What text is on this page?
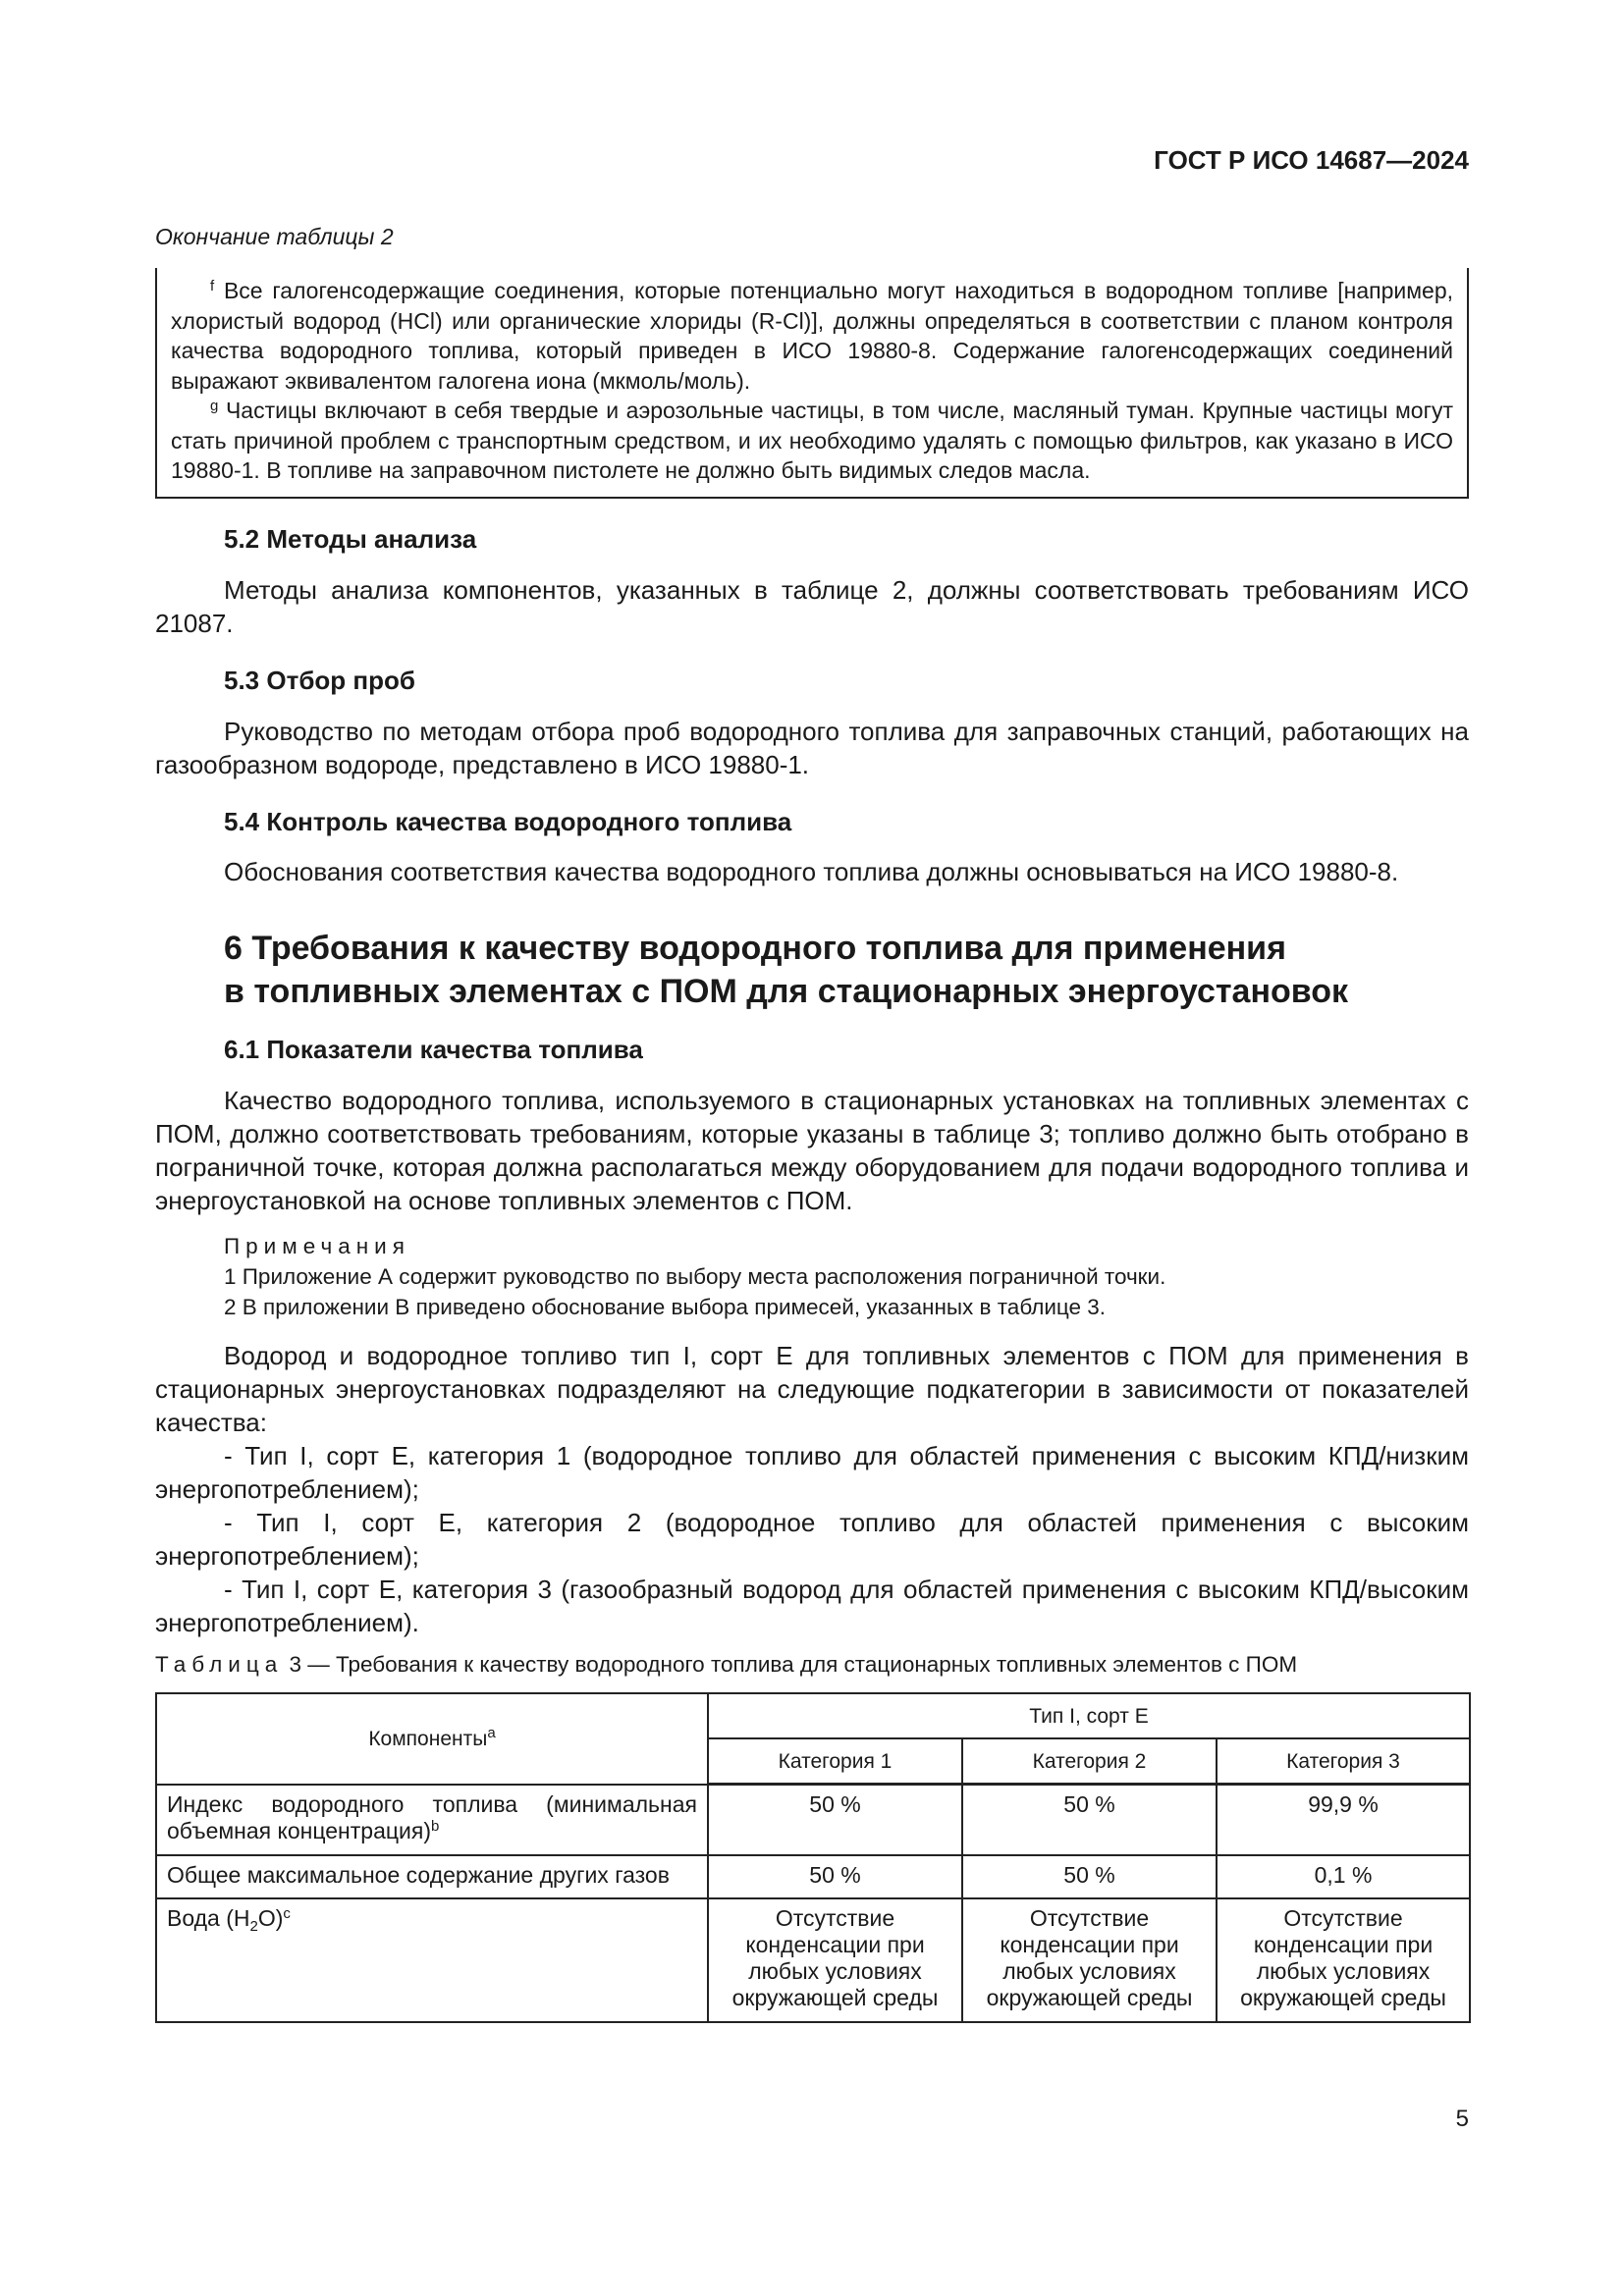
ГОСТ Р ИСО 14687—2024
Окончание таблицы 2

$^f$ Все галогенсодержащие соединения, которые потенциально могут находиться в водородном топливе [например, хлористый водород (HCl) или органические хлориды (R-Cl)], должны определяться в соответствии с планом контроля качества водородного топлива, который приведен в ИСО 19880-8. Содержание галогенсодержащих соединений выражают эквивалентом галогена иона (мкмоль/моль).

$^g$ Частицы включают в себя твердые и аэрозольные частицы, в том числе, масляный туман. Крупные частицы могут стать причиной проблем с транспортным средством, и их необходимо удалять с помощью фильтров, как указано в ИСО 19880-1. В топливе на заправочном пистолете не должно быть видимых следов масла.

5.2 Методы анализа

Методы анализа компонентов, указанных в таблице 2, должны соответствовать требованиям ИСО 21087.

5.3 Отбор проб

Руководство по методам отбора проб водородного топлива для заправочных станций, работающих на газообразном водороде, представлено в ИСО 19880-1.

5.4 Контроль качества водородного топлива

Обоснования соответствия качества водородного топлива должны основываться на ИСО 19880-8.

6 Требования к качеству водородного топлива для применения
в топливных элементах с ПОМ для стационарных энергоустановок
6.1 Показатели качества топлива

Качество водородного топлива, используемого в стационарных установках на топливных элементах с ПОМ, должно соответствовать требованиям, которые указаны в таблице 3; топливо должно быть отобрано в пограничной точке, которая должна располагаться между оборудованием для подачи водородного топлива и энергоустановкой на основе топливных элементов с ПОМ.

Примечания
1 Приложение А содержит руководство по выбору места расположения пограничной точки.
2 В приложении В приведено обоснование выбора примесей, указанных в таблице 3.

Водород и водородное топливо тип I, сорт Е для топливных элементов с ПОМ для применения в стационарных энергоустановках подразделяют на следующие подкатегории в зависимости от показателей качества:

- Тип I, сорт Е, категория 1 (водородное топливо для областей применения с высоким КПД/низким энергопотреблением);

- Тип I, сорт Е, категория 2 (водородное топливо для областей применения с высоким энергопотреблением);

- Тип I, сорт Е, категория 3 (газообразный водород для областей применения с высоким КПД/высоким энергопотреблением).

Таблица 3 — Требования к качеству водородного топлива для стационарных топливных элементов с ПОМ
Компоненты$^a$	Тип I, сорт Е		
	Категория 1	Категория 2	Категория 3
Индекс водородного топлива (минимальная объемная концентрация)$^b$	50 %	50 %	99,9 %
Общее максимальное содержание других газов	50 %	50 %	0,1 %
Вода $(H_2O)^c$	Отсутствие конденсации при любых условиях окружающей среды	Отсутствие конденсации при любых условиях окружающей среды	Отсутствие конденсации при любых условиях окружающей среды
5
